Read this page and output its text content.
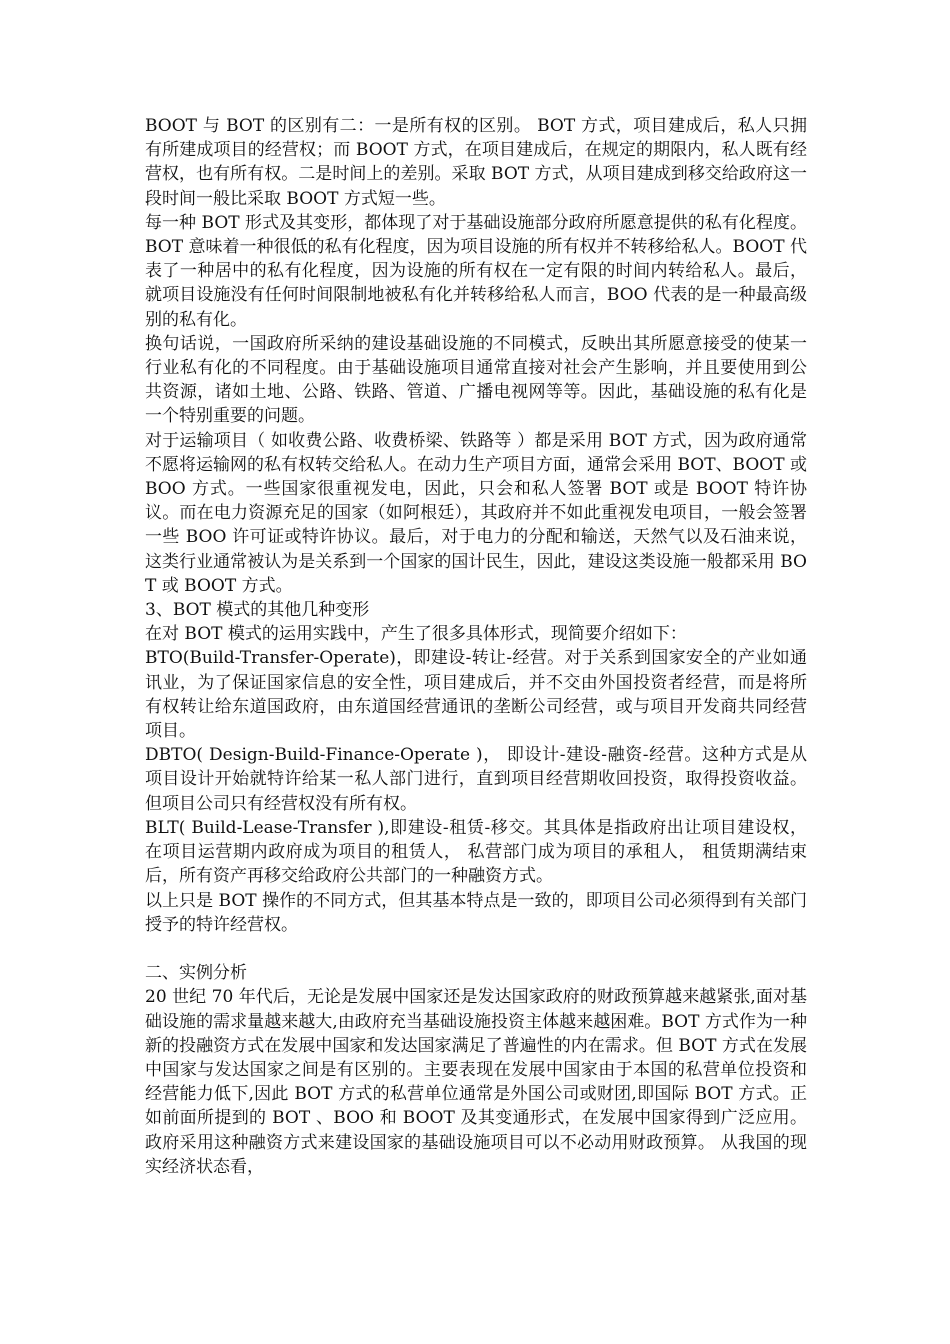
BOOT 与 BOT 的区别有二：一是所有权的区别。 BOT 方式，项目建成后，私人只拥有所建成项目的经营权；而 BOOT 方式，在项目建成后，在规定的期限内，私人既有经营权，也有所有权。二是时间上的差别。采取 BOT 方式，从项目建成到移交给政府这一段时间一般比采取 BOOT 方式短一些。

每一种 BOT 形式及其变形，都体现了对于基础设施部分政府所愿意提供的私有化程度。BOT 意味着一种很低的私有化程度，因为项目设施的所有权并不转移给私人。BOOT 代表了一种居中的私有化程度，因为设施的所有权在一定有限的时间内转给私人。最后，就项目设施没有任何时间限制地被私有化并转移给私人而言，BOO 代表的是一种最高级别的私有化。

换句话说，一国政府所采纳的建设基础设施的不同模式，反映出其所愿意接受的使某一行业私有化的不同程度。由于基础设施项目通常直接对社会产生影响，并且要使用到公共资源，诸如土地、公路、铁路、管道、广播电视网等等。因此，基础设施的私有化是一个特别重要的问题。

对于运输项目（ 如收费公路、收费桥梁、铁路等 ）都是采用 BOT 方式，因为政府通常不愿将运输网的私有权转交给私人。在动力生产项目方面，通常会采用 BOT、BOOT 或 BOO 方式。一些国家很重视发电，因此，只会和私人签署 BOT 或是 BOOT 特许协议。而在电力资源充足的国家（如阿根廷），其政府并不如此重视发电项目，一般会签署一些 BOO 许可证或特许协议。最后，对于电力的分配和输送，天然气以及石油来说，这类行业通常被认为是关系到一个国家的国计民生，因此，建设这类设施一般都采用 BOT 或 BOOT 方式。

3、BOT 模式的其他几种变形

在对 BOT 模式的运用实践中，产生了很多具体形式，现简要介绍如下：

BTO(Build-Transfer-Operate)，即建设-转让-经营。对于关系到国家安全的产业如通讯业，为了保证国家信息的安全性，项目建成后，并不交由外国投资者经营，而是将所有权转让给东道国政府，由东道国经营通讯的垄断公司经营，或与项目开发商共同经营项目。

DBTO( Design-Build-Finance-Operate )， 即设计-建设-融资-经营。这种方式是从项目设计开始就特许给某一私人部门进行，直到项目经营期收回投资，取得投资收益。但项目公司只有经营权没有所有权。

BLT( Build-Lease-Transfer ),即建设-租赁-移交。其具体是指政府出让项目建设权，在项目运营期内政府成为项目的租赁人， 私营部门成为项目的承租人， 租赁期满结束后，所有资产再移交给政府公共部门的一种融资方式。

以上只是 BOT 操作的不同方式，但其基本特点是一致的，即项目公司必须得到有关部门授予的特许经营权。

二、实例分析

20 世纪 70 年代后，无论是发展中国家还是发达国家政府的财政预算越来越紧张,面对基础设施的需求量越来越大,由政府充当基础设施投资主体越来越困难。BOT 方式作为一种新的投融资方式在发展中国家和发达国家满足了普遍性的内在需求。但 BOT 方式在发展中国家与发达国家之间是有区别的。主要表现在发展中国家由于本国的私营单位投资和经营能力低下,因此 BOT 方式的私营单位通常是外国公司或财团,即国际 BOT 方式。正如前面所提到的 BOT 、BOO 和 BOOT 及其变通形式，在发展中国家得到广泛应用。政府采用这种融资方式来建设国家的基础设施项目可以不必动用财政预算。 从我国的现实经济状态看，
